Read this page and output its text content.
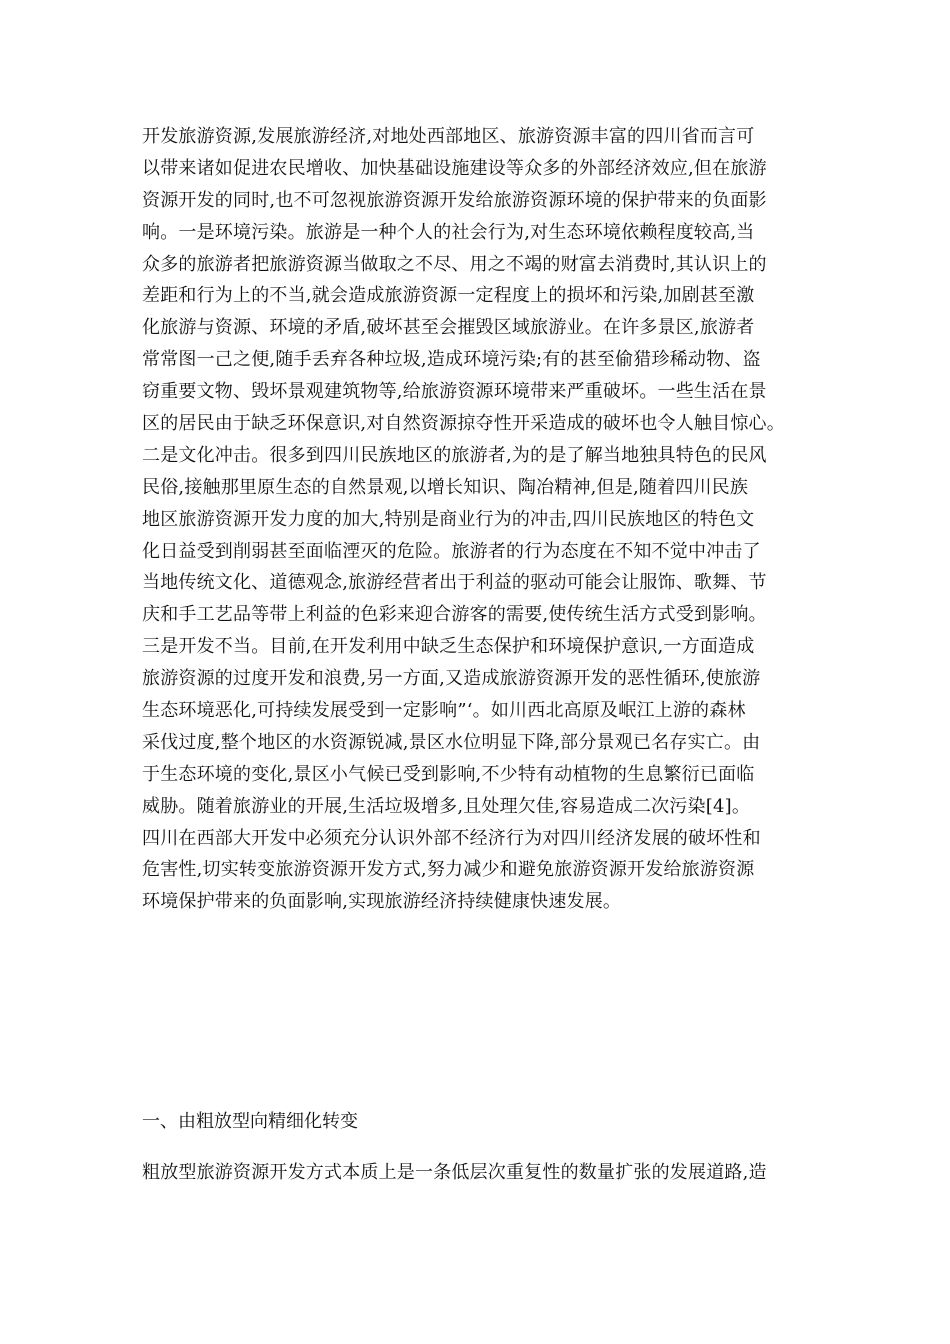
开发旅游资源,发展旅游经济,对地处西部地区、旅游资源丰富的四川省而言可
以带来诸如促进农民增收、加快基础设施建设等众多的外部经济效应,但在旅游
资源开发的同时,也不可忽视旅游资源开发给旅游资源环境的保护带来的负面影
响。一是环境污染。旅游是一种个人的社会行为,对生态环境依赖程度较高,当
众多的旅游者把旅游资源当做取之不尽、用之不竭的财富去消费时,其认识上的
差距和行为上的不当,就会造成旅游资源一定程度上的损坏和污染,加剧甚至激
化旅游与资源、环境的矛盾,破坏甚至会摧毁区域旅游业。在许多景区,旅游者
常常图一己之便,随手丢弃各种垃圾,造成环境污染;有的甚至偷猎珍稀动物、盗
窃重要文物、毁坏景观建筑物等,给旅游资源环境带来严重破坏。一些生活在景
区的居民由于缺乏环保意识,对自然资源掠夺性开采造成的破坏也令人触目惊心。
二是文化冲击。很多到四川民族地区的旅游者,为的是了解当地独具特色的民风
民俗,接触那里原生态的自然景观,以增长知识、陶冶精神,但是,随着四川民族
地区旅游资源开发力度的加大,特别是商业行为的冲击,四川民族地区的特色文
化日益受到削弱甚至面临湮灭的危险。旅游者的行为态度在不知不觉中冲击了
当地传统文化、道德观念,旅游经营者出于利益的驱动可能会让服饰、歌舞、节
庆和手工艺品等带上利益的色彩来迎合游客的需要,使传统生活方式受到影响。
三是开发不当。目前,在开发利用中缺乏生态保护和环境保护意识,一方面造成
旅游资源的过度开发和浪费,另一方面,又造成旅游资源开发的恶性循环,使旅游
生态环境恶化,可持续发展受到一定影响”‘。如川西北高原及岷江上游的森林
采伐过度,整个地区的水资源锐减,景区水位明显下降,部分景观已名存实亡。由
于生态环境的变化,景区小气候已受到影响,不少特有动植物的生息繁衍已面临
威胁。随着旅游业的开展,生活垃圾增多,且处理欠佳,容易造成二次污染[4]。
四川在西部大开发中必须充分认识外部不经济行为对四川经济发展的破坏性和
危害性,切实转变旅游资源开发方式,努力减少和避免旅游资源开发给旅游资源
环境保护带来的负面影响,实现旅游经济持续健康快速发展。
一、由粗放型向精细化转变
粗放型旅游资源开发方式本质上是一条低层次重复性的数量扩张的发展道路,造
